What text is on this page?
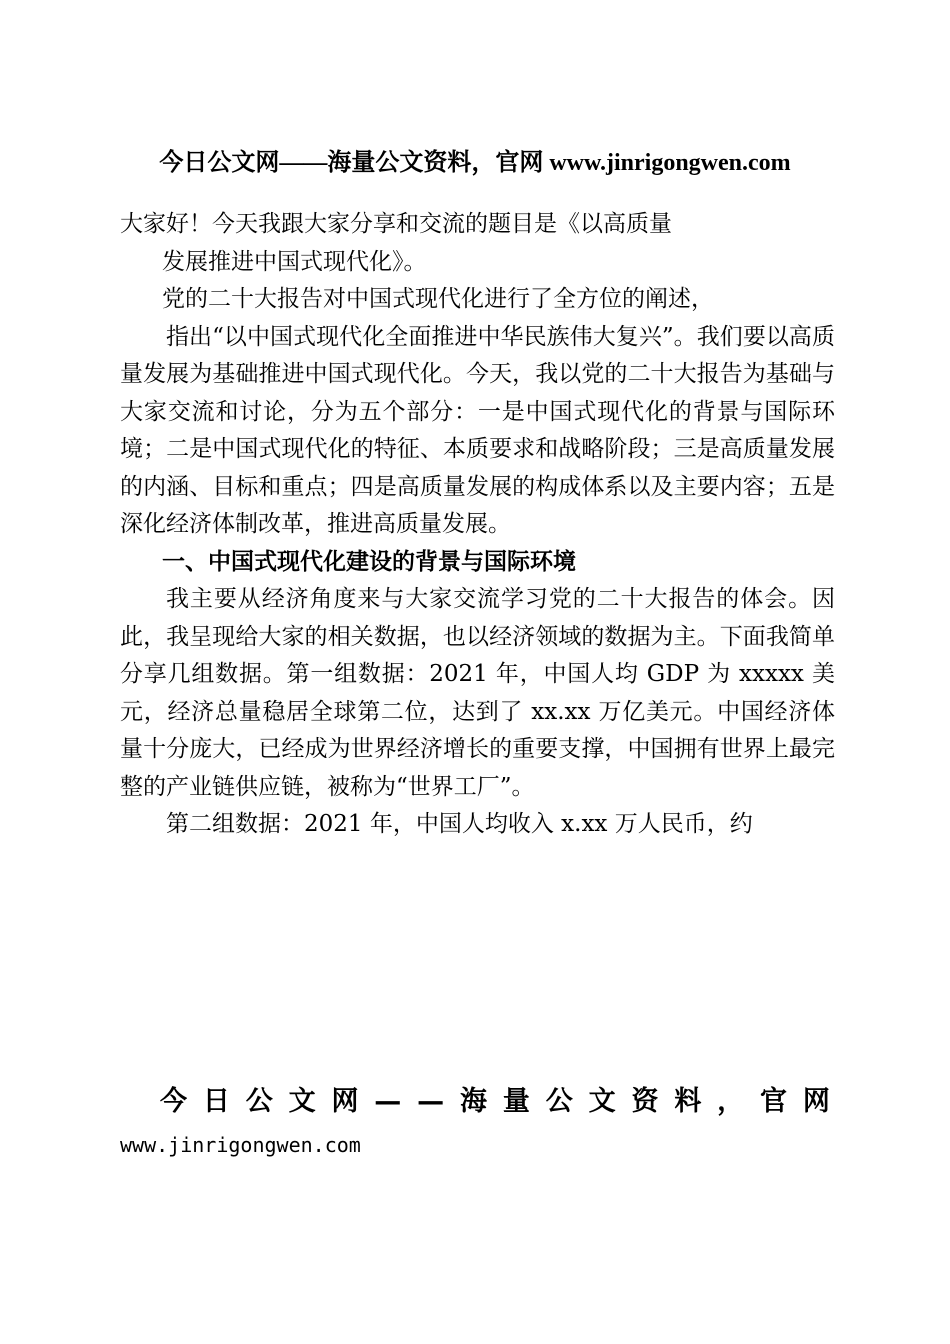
今日公文网——海量公文资料，官网 www.jinrigongwen.com

大家好！今天我跟大家分享和交流的题目是《以高质量

发展推进中国式现代化》。

党的二十大报告对中国式现代化进行了全方位的阐述，

指出“以中国式现代化全面推进中华民族伟大复兴”。我们要以高质量发展为基础推进中国式现代化。今天，我以党的二十大报告为基础与大家交流和讨论，分为五个部分：一是中国式现代化的背景与国际环境；二是中国式现代化的特征、本质要求和战略阶段；三是高质量发展的内涵、目标和重点；四是高质量发展的构成体系以及主要内容；五是深化经济体制改革，推进高质量发展。

一、中国式现代化建设的背景与国际环境

我主要从经济角度来与大家交流学习党的二十大报告的体会。因此，我呈现给大家的相关数据，也以经济领域的数据为主。下面我简单分享几组数据。第一组数据：2021 年，中国人均 GDP 为 xxxxx 美元，经济总量稳居全球第二位，达到了 xx.xx 万亿美元。中国经济体量十分庞大，已经成为世界经济增长的重要支撑，中国拥有世界上最完整的产业链供应链，被称为“世界工厂”。

第二组数据：2021 年，中国人均收入 x.xx 万人民币，约

今 日 公 文 网 — — 海 量 公 文 资 料 ， 官 网
www.jinrigongwen.com
